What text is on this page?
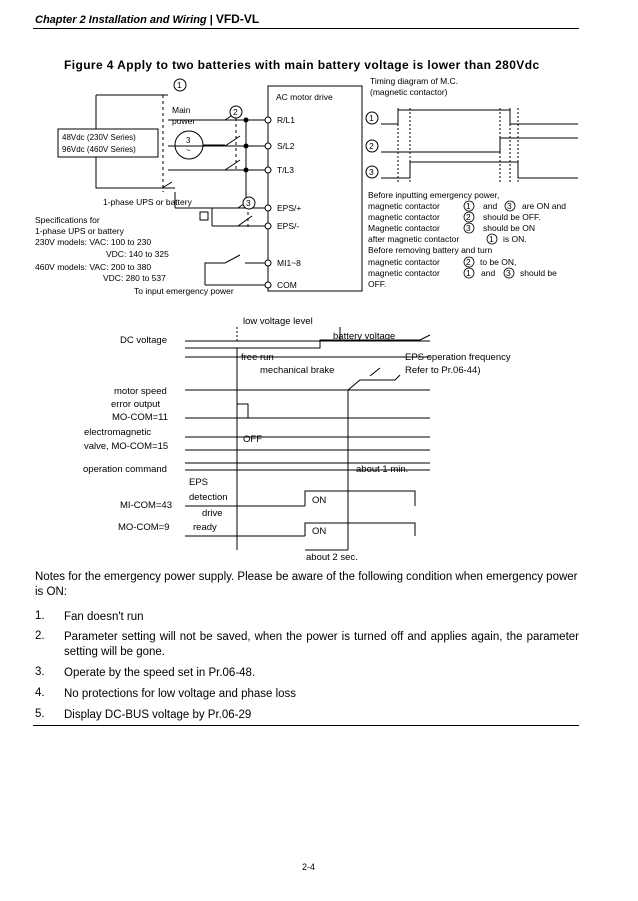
Chapter 2 Installation and Wiring | VFD-VL
Figure 4 Apply to two batteries with main battery voltage is lower than 280Vdc
1
2
3
Main
power
3
~
AC motor drive
R/L1
S/L2
T/L3
EPS/+
EPS/-
MI1~8
COM
1-phase UPS or battery
Specifications for
1-phase UPS or battery
230V models: VAC: 100 to 230
VDC: 140 to 325
460V models: VAC: 200 to 380
VDC: 280 to 537
To input emergency power
48Vdc (230V Series)
96Vdc (460V Series)
Timing diagram of M.C.
(magnetic contactor)
1
2
3
Before inputting emergency power,
magnetic contactor	1 and 3 are ON and
magnetic contactor	2 should be OFF.
Magnetic contactor	3 should be ON
after magnetic contactor	1 is ON.
Before removing battery and turn
magnetic contactor	2 to be ON,
magnetic contactor	1 and 3 should be
OFF.
low voltage level
battery voltage
DC voltage
free run
mechanical brake
EPS operation frequency
Refer to Pr.06-44)
motor speed
error output
MO-COM=11
electromagnetic
valve, MO-COM=15
OFF
operation command	about 1 min.
EPS
detection
MI-COM=43	ON
drive
ready
MO-COM=9	ON
about 2 sec.
Notes for the emergency power supply. Please be aware of the following condition when emergency power is ON:
1. Fan doesn't run
2. Parameter setting will not be saved, when the power is turned off and applies again, the parameter setting will be gone.
3. Operate by the speed set in Pr.06-48.
4. No protections for low voltage and phase loss
5. Display DC-BUS voltage by Pr.06-29
2-4
